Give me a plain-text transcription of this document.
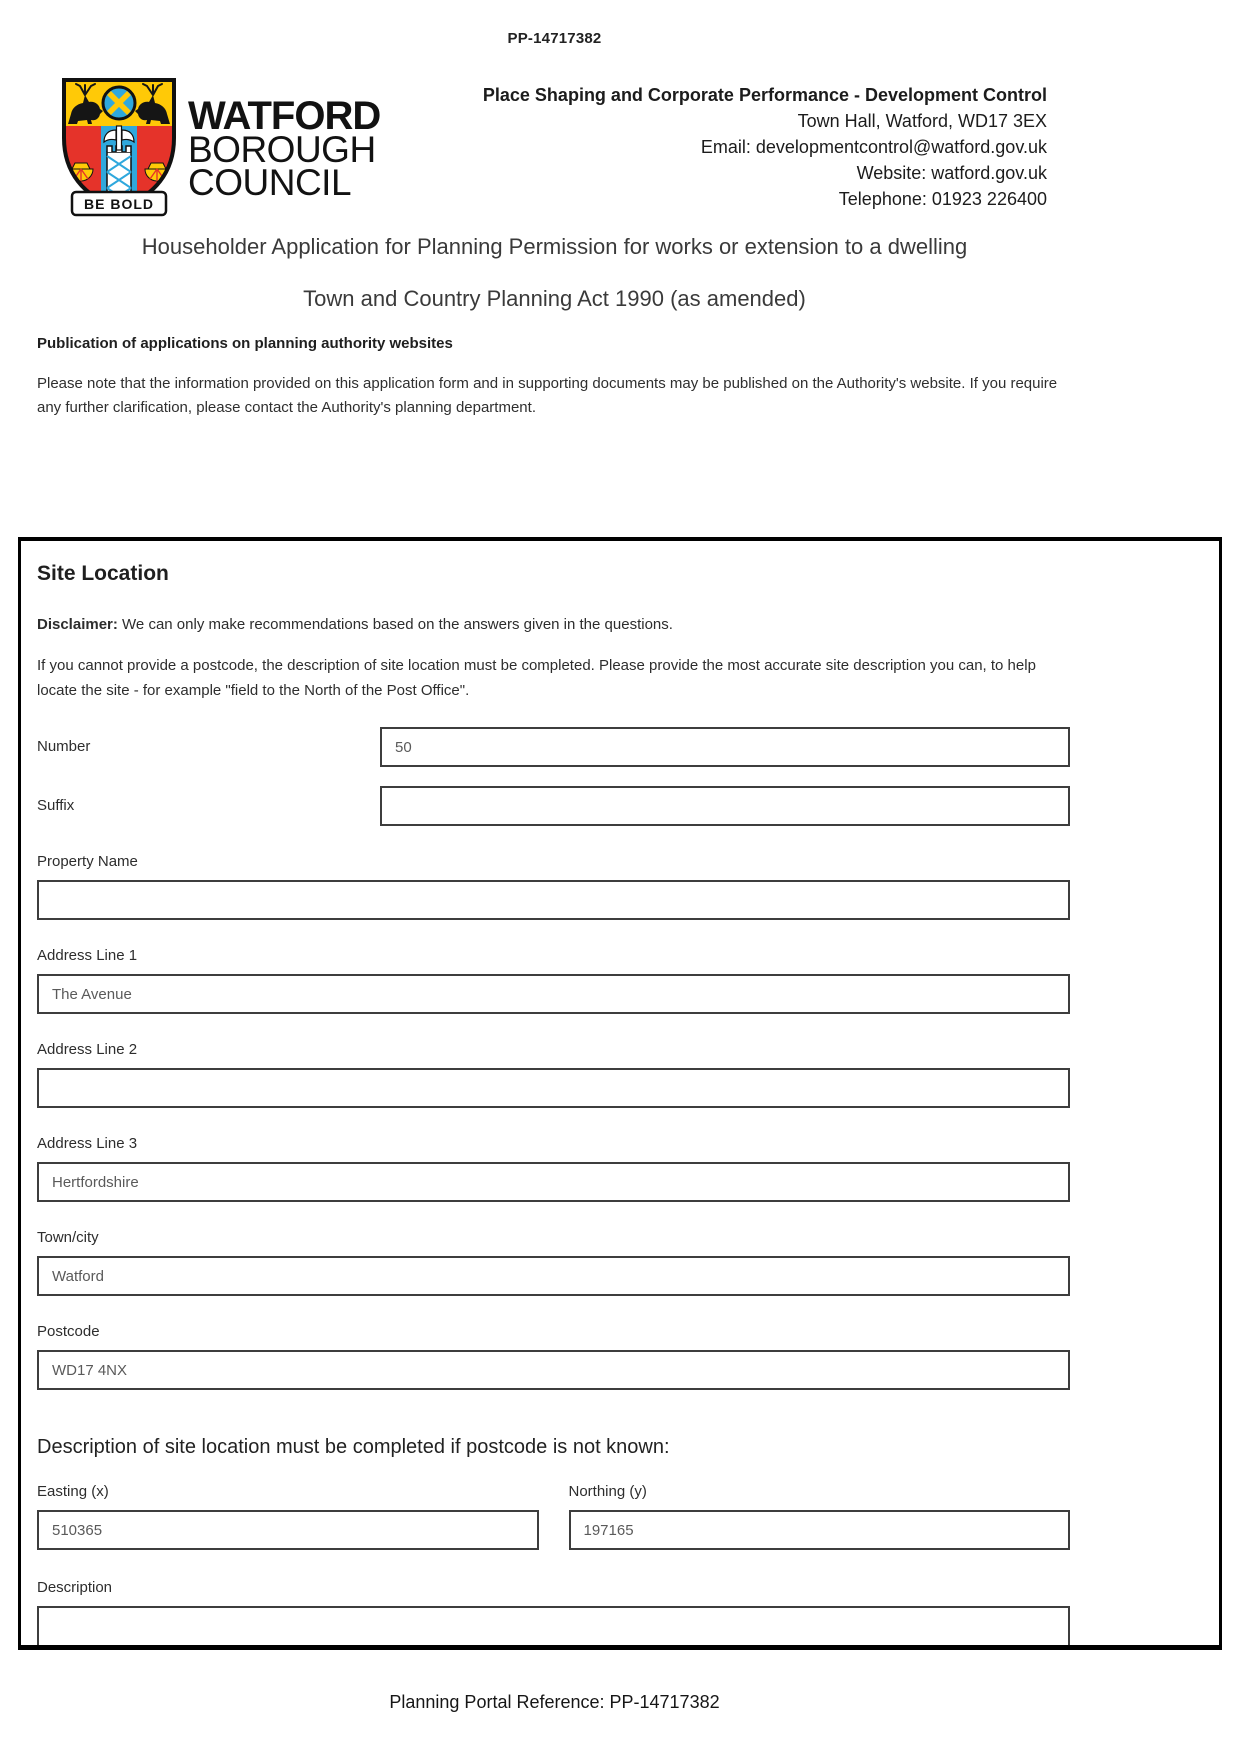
PP-14717382
BE BOLD
WATFORD
BOROUGH
COUNCIL
Place Shaping and Corporate Performance - Development Control
Town Hall, Watford, WD17 3EX
Email: developmentcontrol@watford.gov.uk
Website: watford.gov.uk
Telephone: 01923 226400
Householder Application for Planning Permission for works or extension to a dwelling
Town and Country Planning Act 1990 (as amended)
Publication of applications on planning authority websites
Please note that the information provided on this application form and in supporting documents may be published on the Authority's website. If you require any further clarification, please contact the Authority's planning department.
Site Location
Disclaimer: We can only make recommendations based on the answers given in the questions.
If you cannot provide a postcode, the description of site location must be completed. Please provide the most accurate site description you can, to help locate the site - for example "field to the North of the Post Office".
Number
50
Suffix
Property Name
Address Line 1
The Avenue
Address Line 2
Address Line 3
Hertfordshire
Town/city
Watford
Postcode
WD17 4NX
Description of site location must be completed if postcode is not known:
Easting (x)
510365	Northing (y)
197165
Description
Planning Portal Reference: PP-14717382
